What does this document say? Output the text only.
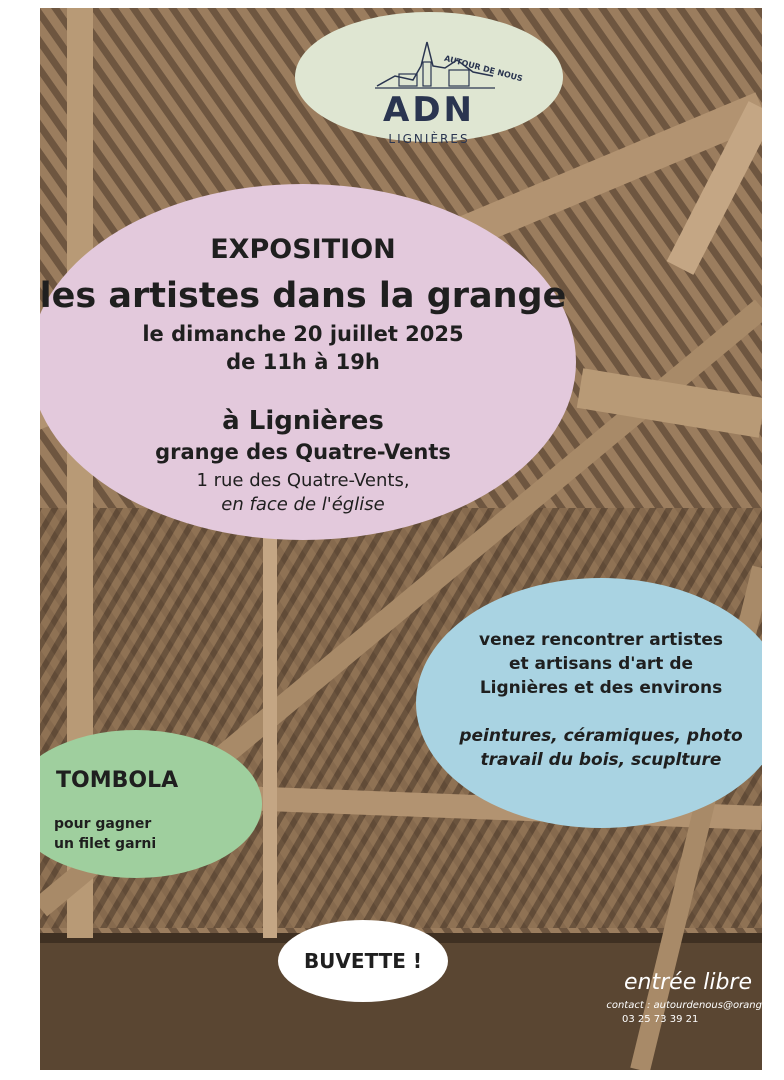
AUTOUR DE NOUS
ADN
LIGNIÈRES
EXPOSITION
les artistes dans la grange
le dimanche 20 juillet 2025
de 11h à 19h
à Lignières
grange des Quatre-Vents
1 rue des Quatre-Vents,
en face de l'église
venez rencontrer artistes
et artisans d'art de
Lignières et des environs
peintures, céramiques, photo
travail du bois, scuplture
TOMBOLA
pour gagner
un filet garni
BUVETTE !
entrée libre
contact : autourdenous@orang
03 25 73 39 21
